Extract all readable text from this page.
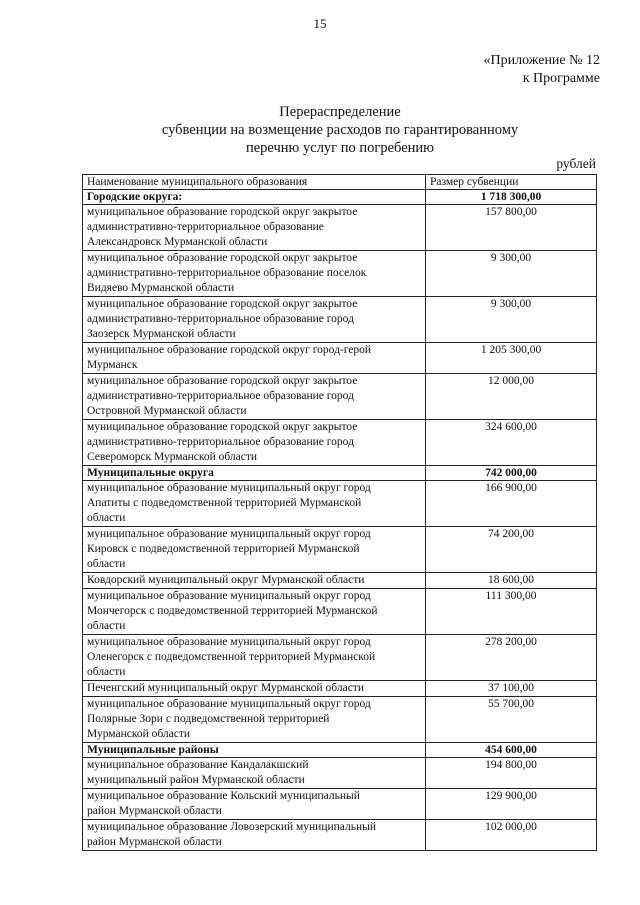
15
«Приложение № 12
к Программе
Перераспределение
субвенции на возмещение расходов по гарантированному
перечню услуг по погребению
рублей
Наименование муниципального образования	Размер субвенции
Городские округа:	1 718 300,00

муниципальное образование городской округ закрытое
административно-территориальное образование
Александровск Мурманской области	157 800,00

муниципальное образование городской округ закрытое
административно-территориальное образование поселок
Видяево Мурманской области	9 300,00

муниципальное образование городской округ закрытое
административно-территориальное образование город
Заозерск Мурманской области	9 300,00

муниципальное образование городской округ город-герой
Мурманск	1 205 300,00

муниципальное образование городской округ закрытое
административно-территориальное образование город
Островной Мурманской области	12 000,00

муниципальное образование городской округ закрытое
административно-территориальное образование город
Североморск Мурманской области	324 600,00
Муниципальные округа	742 000,00

муниципальное образование муниципальный округ город
Апатиты с подведомственной территорией Мурманской
области	166 900,00

муниципальное образование муниципальный округ город
Кировск с подведомственной территорией Мурманской
области	74 200,00

Ковдорский муниципальный округ Мурманской области	18 600,00

муниципальное образование муниципальный округ город
Мончегорск с подведомственной территорией Мурманской
области	111 300,00

муниципальное образование муниципальный округ город
Оленегорск с подведомственной территорией Мурманской
области	278 200,00

Печенгский муниципальный округ Мурманской области	37 100,00

муниципальное образование муниципальный округ город
Полярные Зори с подведомственной территорией
Мурманской области	55 700,00
Муниципальные районы	454 600,00

муниципальное образование Кандалакшский
муниципальный район Мурманской области	194 800,00

муниципальное образование Кольский муниципальный
район Мурманской области	129 900,00

муниципальное образование Ловозерский муниципальный
район Мурманской области	102 000,00
